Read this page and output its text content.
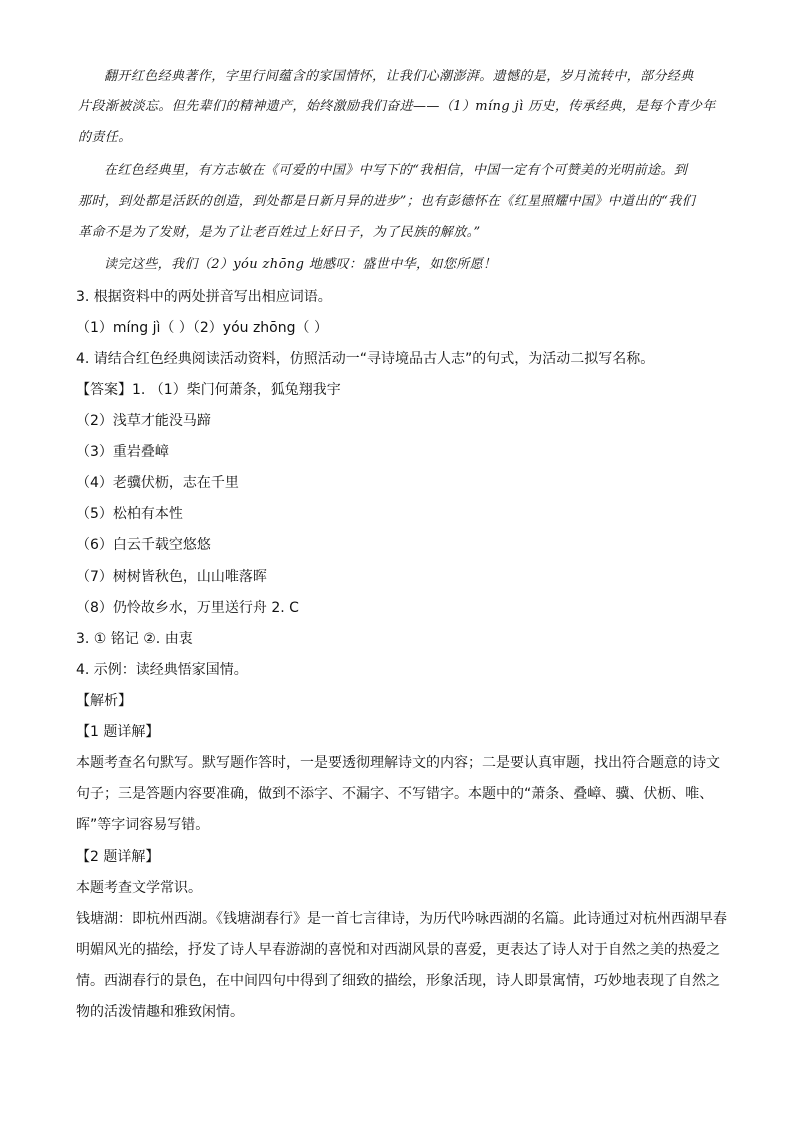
翻开红色经典著作，字里行间蕴含的家国情怀，让我们心潮澎湃。遗憾的是，岁月流转中，部分经典
片段渐被淡忘。但先辈们的精神遗产，始终激励我们奋进——（1）míng jì 历史，传承经典，是每个青少年
的责任。
在红色经典里，有方志敏在《可爱的中国》中写下的“我相信，中国一定有个可赞美的光明前途。到
那时，到处都是活跃的创造，到处都是日新月异的进步”；也有彭德怀在《红星照耀中国》中道出的“我们
革命不是为了发财，是为了让老百姓过上好日子，为了民族的解放。”
读完这些，我们（2）yóu zhōng 地感叹：盛世中华，如您所愿！
3. 根据资料中的两处拼音写出相应词语。
（1）míng jì（ ）（2）yóu zhōng（ ）
4. 请结合红色经典阅读活动资料，仿照活动一“寻诗境品古人志”的句式，为活动二拟写名称。
【答案】1. （1）柴门何萧条，狐兔翔我宇
（2）浅草才能没马蹄
（3）重岩叠嶂
（4）老骥伏枥，志在千里
（5）松柏有本性
（6）白云千载空悠悠
（7）树树皆秋色，山山唯落晖
（8）仍怜故乡水，万里送行舟 2. C
3. ① 铭记 ②. 由衷
4. 示例：读经典悟家国情。
【解析】
【1 题详解】
本题考查名句默写。默写题作答时，一是要透彻理解诗文的内容；二是要认真审题，找出符合题意的诗文
句子；三是答题内容要准确，做到不添字、不漏字、不写错字。本题中的“萧条、叠嶂、骥、伏枥、唯、
晖”等字词容易写错。
【2 题详解】
本题考查文学常识。
钱塘湖：即杭州西湖。《钱塘湖春行》是一首七言律诗，为历代吟咏西湖的名篇。此诗通过对杭州西湖早春
明媚风光的描绘，抒发了诗人早春游湖的喜悦和对西湖风景的喜爱，更表达了诗人对于自然之美的热爱之
情。西湖春行的景色，在中间四句中得到了细致的描绘，形象活现，诗人即景寓情，巧妙地表现了自然之
物的活泼情趣和雅致闲情。
